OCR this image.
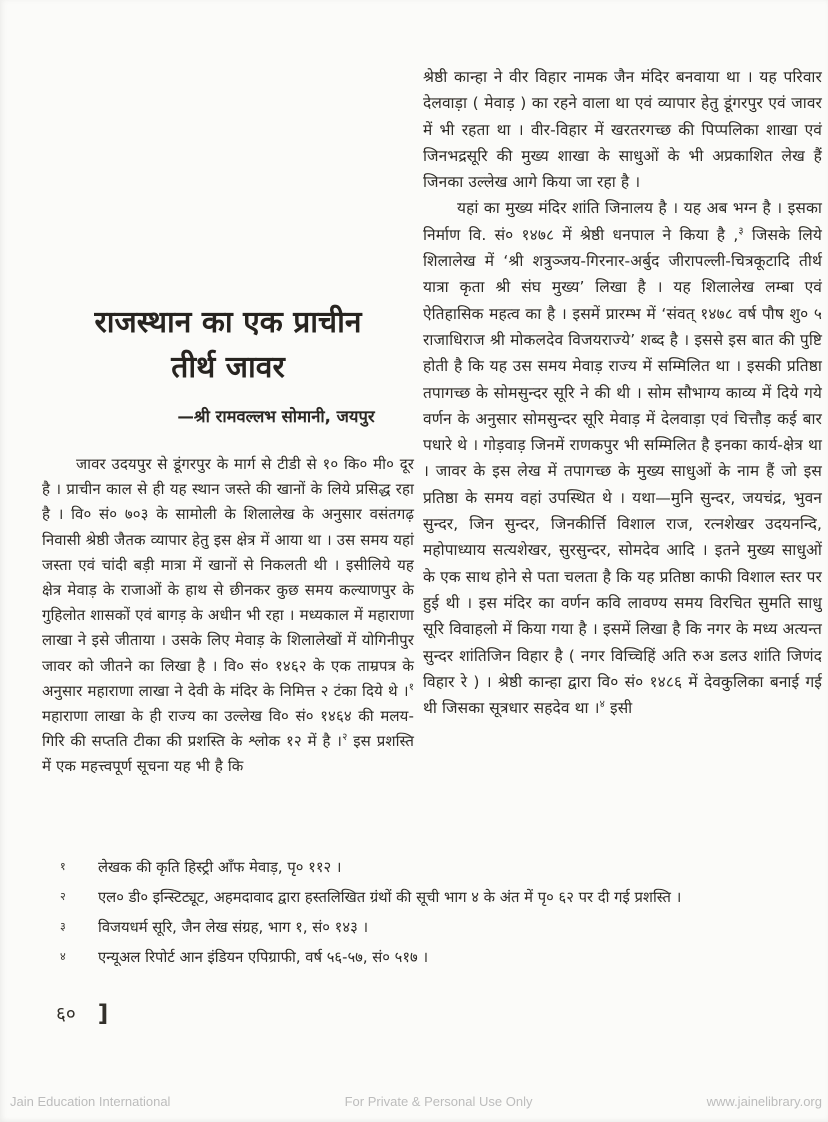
श्रेष्ठी कान्हा ने वीर विहार नामक जैन मंदिर बनवाया था । यह परिवार देलवाड़ा ( मेवाड़ ) का रहने वाला था एवं व्यापार हेतु डूंगरपुर एवं जावर में भी रहता था । वीर-विहार में खरतरगच्छ की पिप्पलिका शाखा एवं जिनभद्रसूरि की मुख्य शाखा के साधुओं के भी अप्रकाशित लेख हैं जिनका उल्लेख आगे किया जा रहा है ।

यहां का मुख्य मंदिर शांति जिनालय है । यह अब भग्न है । इसका निर्माण वि. सं० १४७८ में श्रेष्ठी धनपाल ने किया है ,$^३$ जिसके लिये शिलालेख में ‘श्री शत्रुञ्जय-गिरनार-अर्बुद जीरापल्ली-चित्रकूटादि तीर्थ यात्रा कृता श्री संघ मुख्य’ लिखा है । यह शिलालेख लम्बा एवं ऐतिहासिक महत्व का है । इसमें प्रारम्भ में ‘संवत् १४७८ वर्ष पौष शु० ५ राजाधिराज श्री मोकलदेव विजयराज्ये’ शब्द है । इससे इस बात की पुष्टि होती है कि यह उस समय मेवाड़ राज्य में सम्मिलित था । इसकी प्रतिष्ठा तपागच्छ के सोमसुन्दर सूरि ने की थी । सोम सौभाग्य काव्य में दिये गये वर्णन के अनुसार सोमसुन्दर सूरि मेवाड़ में देलवाड़ा एवं चित्तौड़ कई बार पधारे थे । गोड़वाड़ जिनमें राणकपुर भी सम्मिलित है इनका कार्य-क्षेत्र था । जावर के इस लेख में तपागच्छ के मुख्य साधुओं के नाम हैं जो इस प्रतिष्ठा के समय वहां उपस्थित थे । यथा—मुनि सुन्दर, जयचंद्र, भुवन सुन्दर, जिन सुन्दर, जिनकीर्त्ति विशाल राज, रत्नशेखर उदयनन्दि, महोपाध्याय सत्यशेखर, सुरसुन्दर, सोमदेव आदि । इतने मुख्य साधुओं के एक साथ होने से पता चलता है कि यह प्रतिष्ठा काफी विशाल स्तर पर हुई थी । इस मंदिर का वर्णन कवि लावण्य समय विरचित सुमति साधु सूरि विवाहलो में किया गया है । इसमें लिखा है कि नगर के मध्य अत्यन्त सुन्दर शांतिजिन विहार है ( नगर विच्चिहिं अति रुअ डलउ शांति जिणंद विहार रे ) । श्रेष्ठी कान्हा द्वारा वि० सं० १४८६ में देवकुलिका बनाई गई थी जिसका सूत्रधार सहदेव था ।$^४$ इसी

राजस्थान का एक प्राचीन
तीर्थ जावर
—श्री रामवल्लभ सोमानी, जयपुर

जावर उदयपुर से डूंगरपुर के मार्ग से टीडी से १० कि० मी० दूर है । प्राचीन काल से ही यह स्थान जस्ते की खानों के लिये प्रसिद्ध रहा है । वि० सं० ७०३ के सामोली के शिलालेख के अनुसार वसंतगढ़ निवासी श्रेष्ठी जैतक व्यापार हेतु इस क्षेत्र में आया था । उस समय यहां जस्ता एवं चांदी बड़ी मात्रा में खानों से निकलती थी । इसीलिये यह क्षेत्र मेवाड़ के राजाओं के हाथ से छीनकर कुछ समय कल्याणपुर के गुहिलोत शासकों एवं बागड़ के अधीन भी रहा । मध्यकाल में महाराणा लाखा ने इसे जीताया । उसके लिए मेवाड़ के शिलालेखों में योगिनीपुर जावर को जीतने का लिखा है । वि० सं० १४६२ के एक ताम्रपत्र के अनुसार महाराणा लाखा ने देवी के मंदिर के निमित्त २ टंका दिये थे ।$^१$ महाराणा लाखा के ही राज्य का उल्लेख वि० सं० १४६४ की मलय-गिरि की सप्तति टीका की प्रशस्ति के श्लोक १२ में है ।$^२$ इस प्रशस्ति में एक महत्त्वपूर्ण सूचना यह भी है कि

१ लेखक की कृति हिस्ट्री आँफ मेवाड़, पृ० ११२ ।
२ एल० डी० इन्स्टिट्यूट, अहमदावाद द्वारा हस्तलिखित ग्रंथों की सूची भाग ४ के अंत में पृ० ६२ पर दी गई प्रशस्ति ।
३ विजयधर्म सूरि, जैन लेख संग्रह, भाग १, सं० १४३ ।
४ एन्यूअल रिपोर्ट आन इंडियन एपिग्राफी, वर्ष ५६-५७, सं० ५१७ ।
६० ]
Jain Education International	For Private & Personal Use Only	www.jainelibrary.org
